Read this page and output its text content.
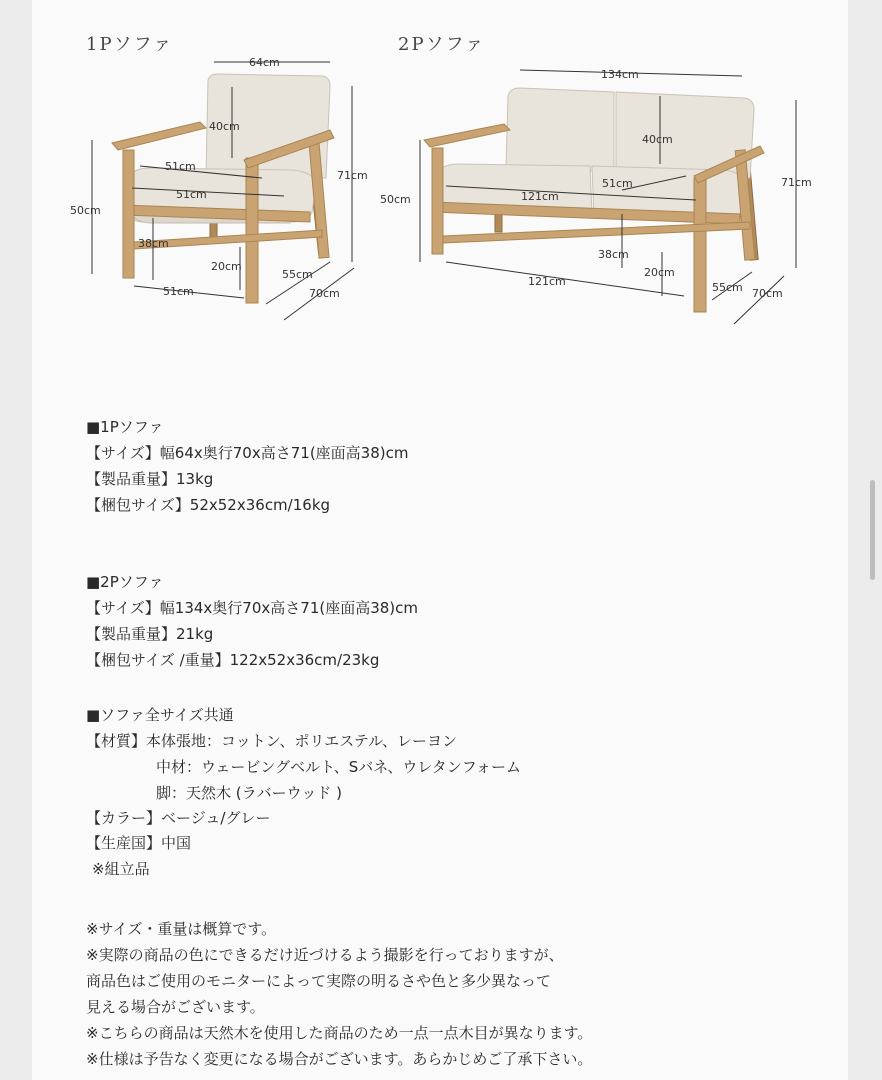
1Pソファ
64cm
40cm
51cm
51cm
71cm
50cm
38cm
20cm
55cm
70cm
51cm
2Pソファ
134cm
40cm
121cm
51cm	71cm
50cm
38cm
20cm
121cm	55cm 70cm
■1Pソファ
【サイズ】幅64x奥行70x高さ71(座面高38)cm
【製品重量】13kg
【梱包サイズ】52x52x36cm/16kg
■2Pソファ
【サイズ】幅134x奥行70x高さ71(座面高38)cm
【製品重量】21kg
【梱包サイズ /重量】122x52x36cm/23kg
■ソファ全サイズ共通
【材質】本体張地：コットン、ポリエステル、レーヨン
中材：ウェービングベルト、Sバネ、ウレタンフォーム
脚：天然木 (ラバーウッド )
【カラー】ベージュ/グレー
【生産国】中国
※組立品
※サイズ・重量は概算です。
※実際の商品の色にできるだけ近づけるよう撮影を行っておりますが、
商品色はご使用のモニターによって実際の明るさや色と多少異なって
見える場合がございます。
※こちらの商品は天然木を使用した商品のため一点一点木目が異なります。
※仕様は予告なく変更になる場合がございます。あらかじめご了承下さい。
